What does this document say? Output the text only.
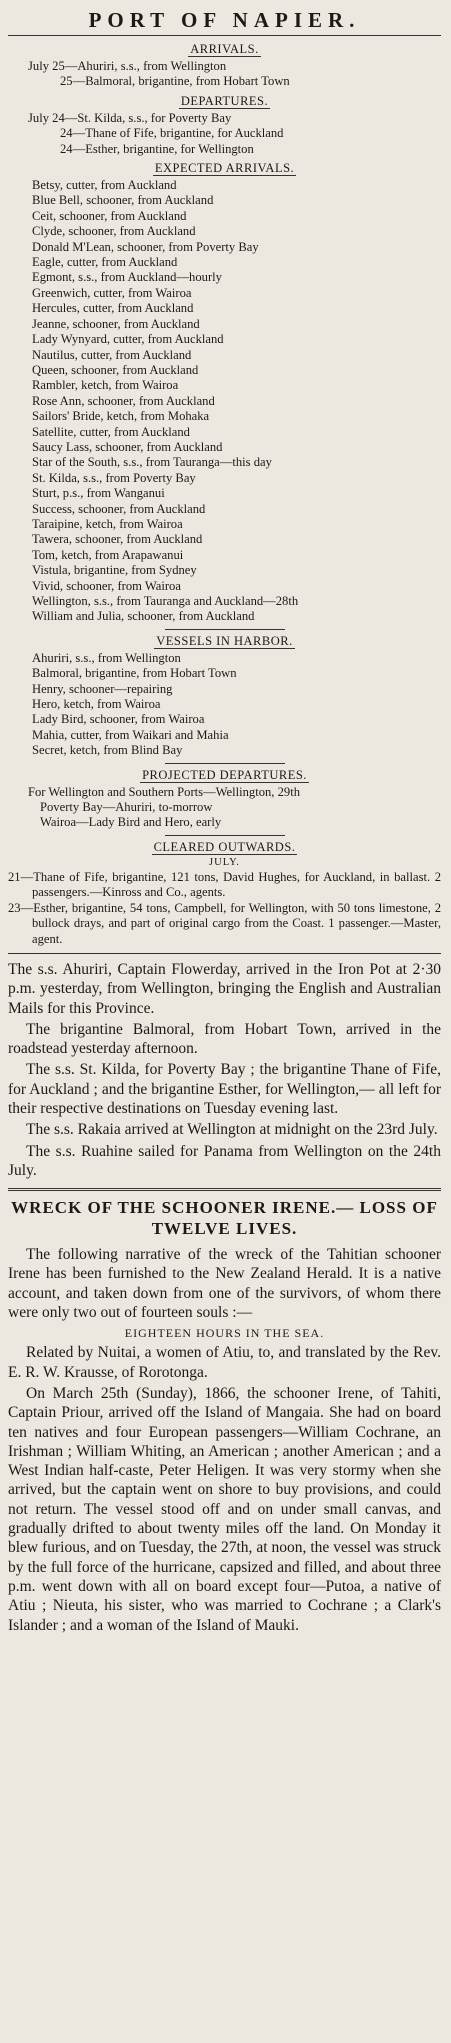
PORT OF NAPIER.
ARRIVALS.
July 25—Ahuriri, s.s., from Wellington
25—Balmoral, brigantine, from Hobart Town
DEPARTURES.
July 24—St. Kilda, s.s., for Poverty Bay
24—Thane of Fife, brigantine, for Auckland
24—Esther, brigantine, for Wellington
EXPECTED ARRIVALS.
Betsy, cutter, from Auckland
Blue Bell, schooner, from Auckland
Ceit, schooner, from Auckland
Clyde, schooner, from Auckland
Donald M'Lean, schooner, from Poverty Bay
Eagle, cutter, from Auckland
Egmont, s.s., from Auckland—hourly
Greenwich, cutter, from Wairoa
Hercules, cutter, from Auckland
Jeanne, schooner, from Auckland
Lady Wynyard, cutter, from Auckland
Nautilus, cutter, from Auckland
Queen, schooner, from Auckland
Rambler, ketch, from Wairoa
Rose Ann, schooner, from Auckland
Sailors' Bride, ketch, from Mohaka
Satellite, cutter, from Auckland
Saucy Lass, schooner, from Auckland
Star of the South, s.s., from Tauranga—this day
St. Kilda, s.s., from Poverty Bay
Sturt, p.s., from Wanganui
Success, schooner, from Auckland
Taraipine, ketch, from Wairoa
Tawera, schooner, from Auckland
Tom, ketch, from Arapawanui
Vistula, brigantine, from Sydney
Vivid, schooner, from Wairoa
Wellington, s.s., from Tauranga and Auckland—28th
William and Julia, schooner, from Auckland
VESSELS IN HARBOR.
Ahuriri, s.s., from Wellington
Balmoral, brigantine, from Hobart Town
Henry, schooner—repairing
Hero, ketch, from Wairoa
Lady Bird, schooner, from Wairoa
Mahia, cutter, from Waikari and Mahia
Secret, ketch, from Blind Bay
PROJECTED DEPARTURES.
For Wellington and Southern Ports—Wellington, 29th
Poverty Bay—Ahuriri, to-morrow
Wairoa—Lady Bird and Hero, early
CLEARED OUTWARDS.
JULY.
21—Thane of Fife, brigantine, 121 tons, David Hughes, for Auckland, in ballast. 2 passengers.—Kinross and Co., agents.
23—Esther, brigantine, 54 tons, Campbell, for Wellington, with 50 tons limestone, 2 bullock drays, and part of original cargo from the Coast. 1 passenger.—Master, agent.

The s.s. Ahuriri, Captain Flowerday, arrived in the Iron Pot at 2·30 p.m. yesterday, from Wellington, bringing the English and Australian Mails for this Province.

The brigantine Balmoral, from Hobart Town, arrived in the roadstead yesterday afternoon.

The s.s. St. Kilda, for Poverty Bay ; the brigantine Thane of Fife, for Auckland ; and the brigantine Esther, for Wellington,— all left for their respective destinations on Tuesday evening last.

The s.s. Rakaia arrived at Wellington at midnight on the 23rd July.

The s.s. Ruahine sailed for Panama from Wellington on the 24th July.

WRECK OF THE SCHOONER IRENE.— LOSS OF TWELVE LIVES.

The following narrative of the wreck of the Tahitian schooner Irene has been furnished to the New Zealand Herald. It is a native account, and taken down from one of the survivors, of whom there were only two out of fourteen souls :—

EIGHTEEN HOURS IN THE SEA.

Related by Nuitai, a women of Atiu, to, and translated by the Rev. E. R. W. Krausse, of Rorotonga.

On March 25th (Sunday), 1866, the schooner Irene, of Tahiti, Captain Priour, arrived off the Island of Mangaia. She had on board ten natives and four European passengers—William Cochrane, an Irishman ; William Whiting, an American ; another American ; and a West Indian half-caste, Peter Heligen. It was very stormy when she arrived, but the captain went on shore to buy provisions, and could not return. The vessel stood off and on under small canvas, and gradually drifted to about twenty miles off the land. On Monday it blew furious, and on Tuesday, the 27th, at noon, the vessel was struck by the full force of the hurricane, capsized and filled, and about three p.m. went down with all on board except four—Putoa, a native of Atiu ; Nieuta, his sister, who was married to Cochrane ; a Clark's Islander ; and a woman of the Island of Mauki.
